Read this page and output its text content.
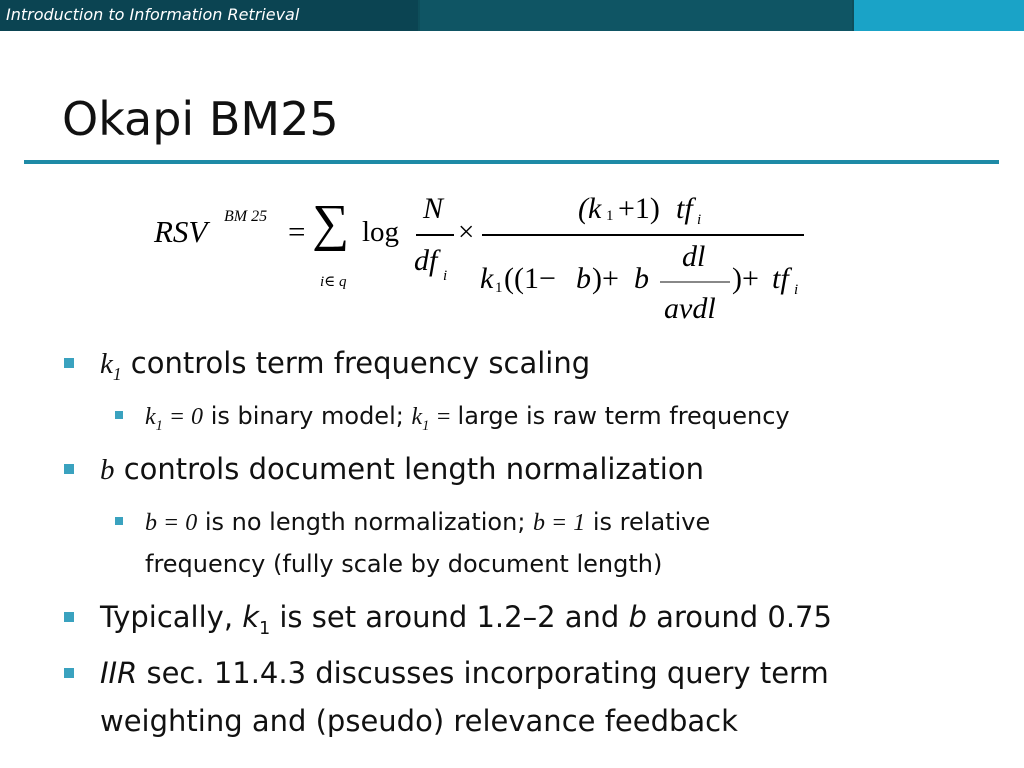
Introduction to Information Retrieval
Okapi BM25
RSV BM 25 = ∑
i∈ q
log
N
df i
×
(k 1 +1) tf i
k 1 ((1− b )+ b
dl
avdl
)+ tf i
$k_1$ controls term frequency scaling
$k_1 = 0$ is binary model; $k_1$ = large is raw term frequency
b controls document length normalization
b = 0 is no length normalization; b = 1 is relative
frequency (fully scale by document length)
Typically, $k_1$ is set around 1.2–2 and b around 0.75
IIR sec. 11.4.3 discusses incorporating query term
weighting and (pseudo) relevance feedback
